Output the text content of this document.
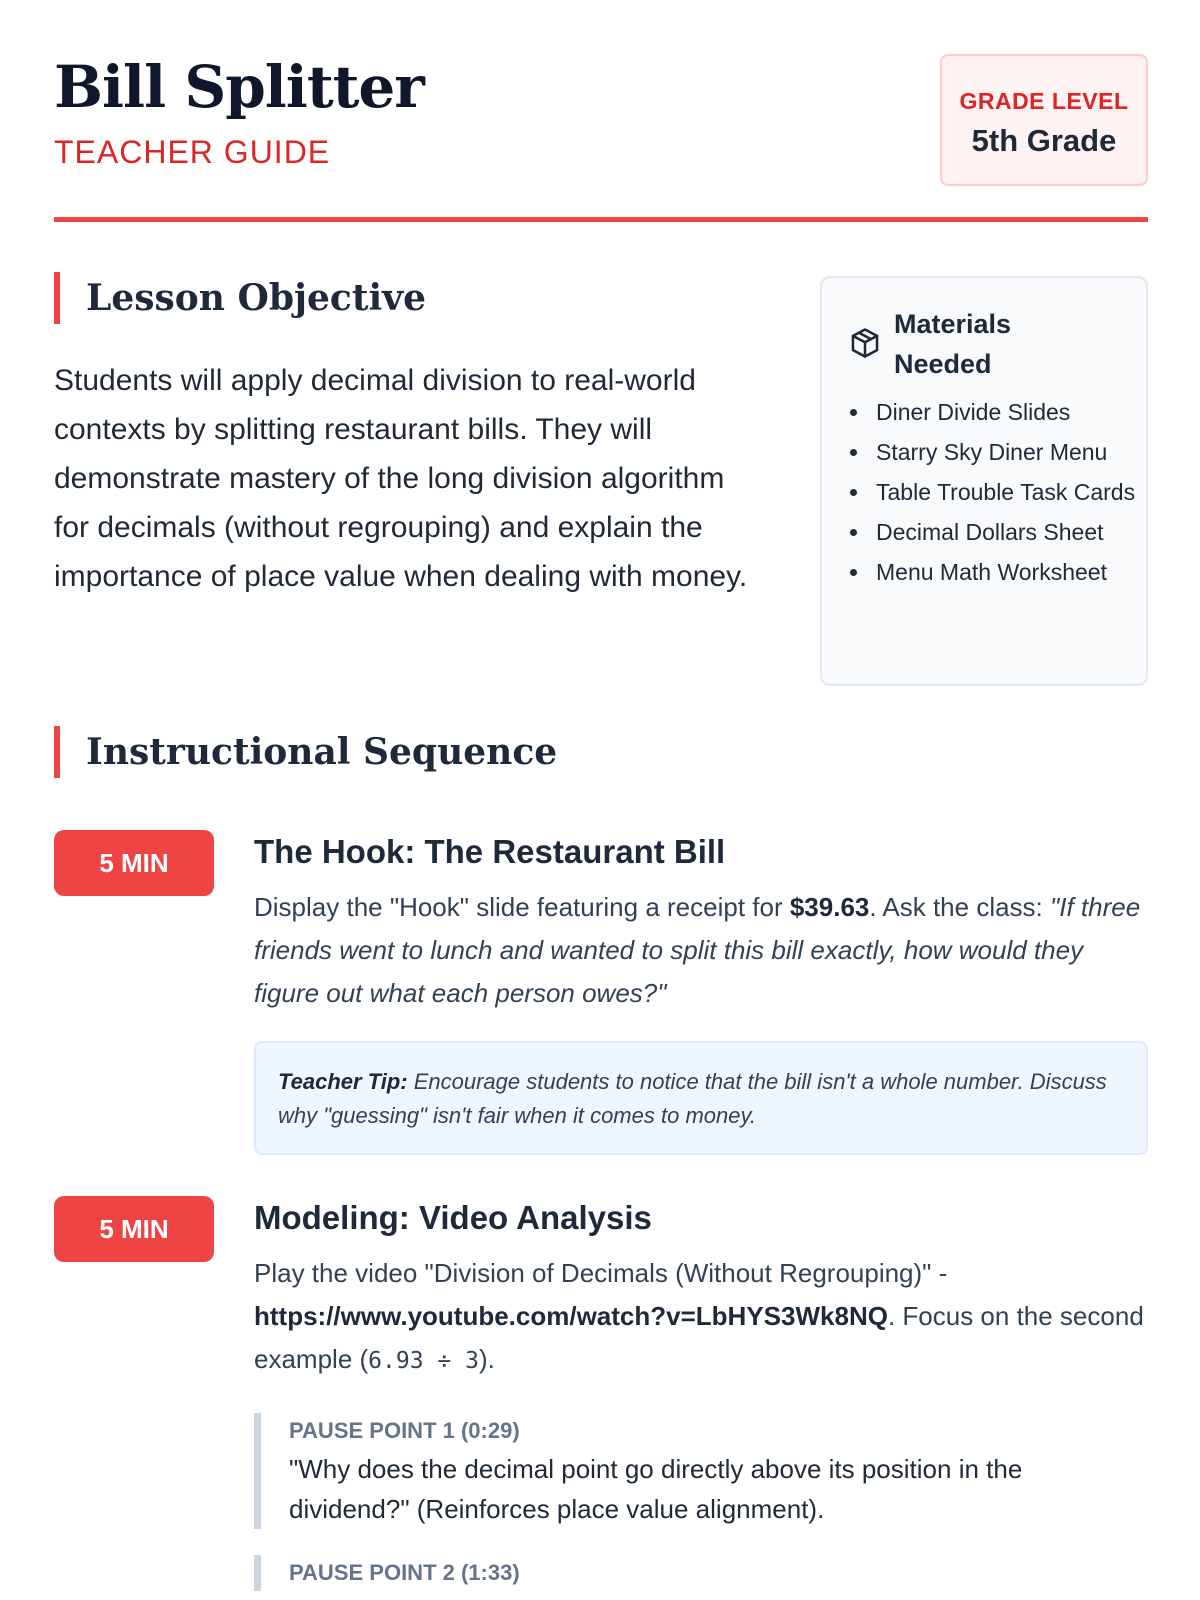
Bill Splitter
TEACHER GUIDE
GRADE LEVEL
5th Grade
Lesson Objective
Students will apply decimal division to real-world contexts by splitting restaurant bills. They will demonstrate mastery of the long division algorithm for decimals (without regrouping) and explain the importance of place value when dealing with money.
Materials Needed
Diner Divide Slides
Starry Sky Diner Menu
Table Trouble Task Cards
Decimal Dollars Sheet
Menu Math Worksheet
Instructional Sequence
5 MIN	The Hook: The Restaurant Bill
Display the "Hook" slide featuring a receipt for $39.63. Ask the class: "If three friends went to lunch and wanted to split this bill exactly, how would they figure out what each person owes?"
Teacher Tip: Encourage students to notice that the bill isn't a whole number. Discuss why "guessing" isn't fair when it comes to money.
5 MIN	Modeling: Video Analysis
Play the video "Division of Decimals (Without Regrouping)" - https://www.youtube.com/watch?v=LbHYS3Wk8NQ. Focus on the second example (6.93 ÷ 3).
PAUSE POINT 1 (0:29)
"Why does the decimal point go directly above its position in the dividend?" (Reinforces place value alignment).
PAUSE POINT 2 (1:33)
